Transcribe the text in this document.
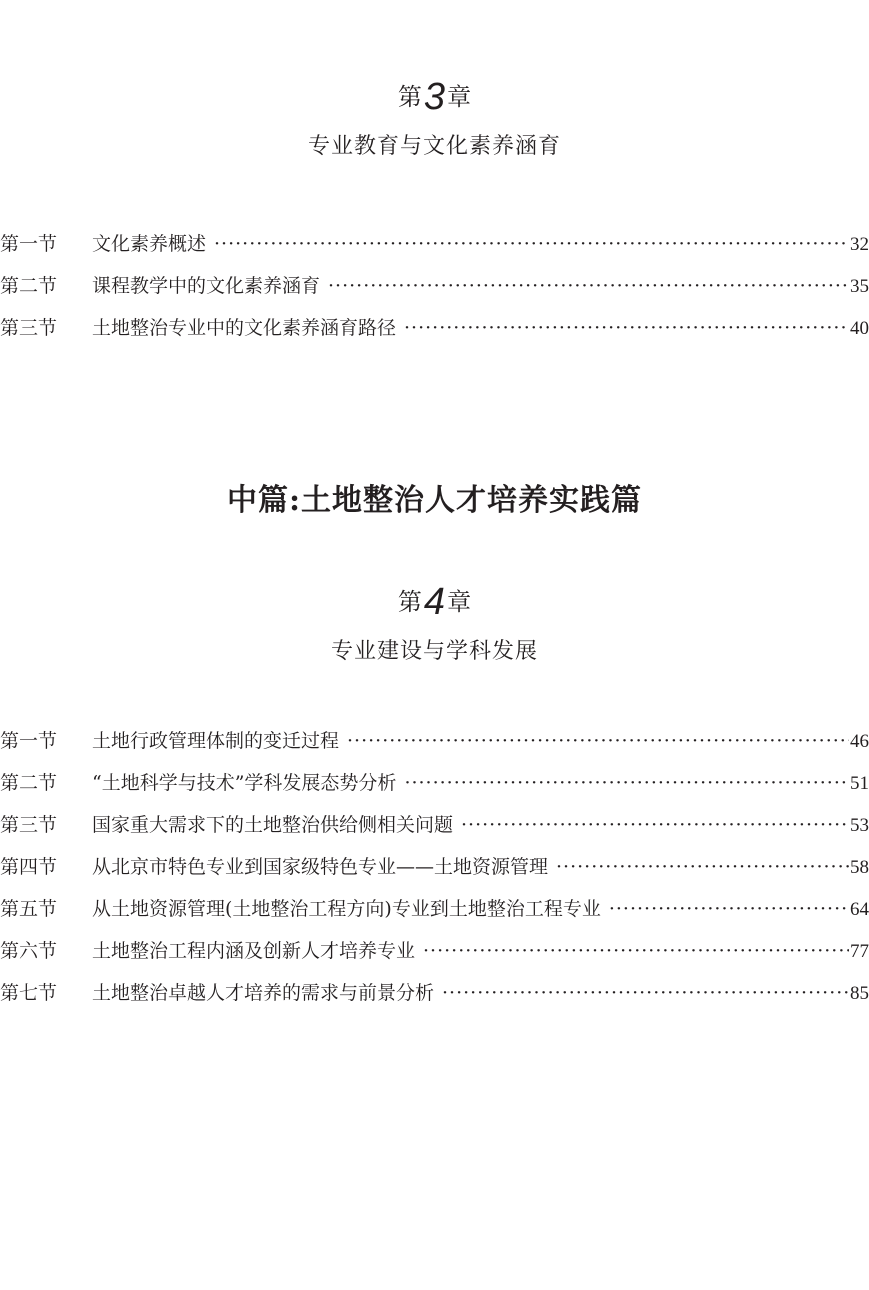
第3章
专业教育与文化素养涵育
第一节 文化素养概述 ·····	32
第二节 课程教学中的文化素养涵育 ·····	35
第三节 土地整治专业中的文化素养涵育路径 ·····	40
中篇:土地整治人才培养实践篇
第4章
专业建设与学科发展
第一节 土地行政管理体制的变迁过程 ·····	46
第二节 “土地科学与技术”学科发展态势分析 ·····	51
第三节 国家重大需求下的土地整治供给侧相关问题 ·····	53
第四节 从北京市特色专业到国家级特色专业——土地资源管理 ·····	58
第五节 从土地资源管理(土地整治工程方向)专业到土地整治工程专业 ·····	64
第六节 土地整治工程内涵及创新人才培养专业 ·····	77
第七节 土地整治卓越人才培养的需求与前景分析 ·····	85
